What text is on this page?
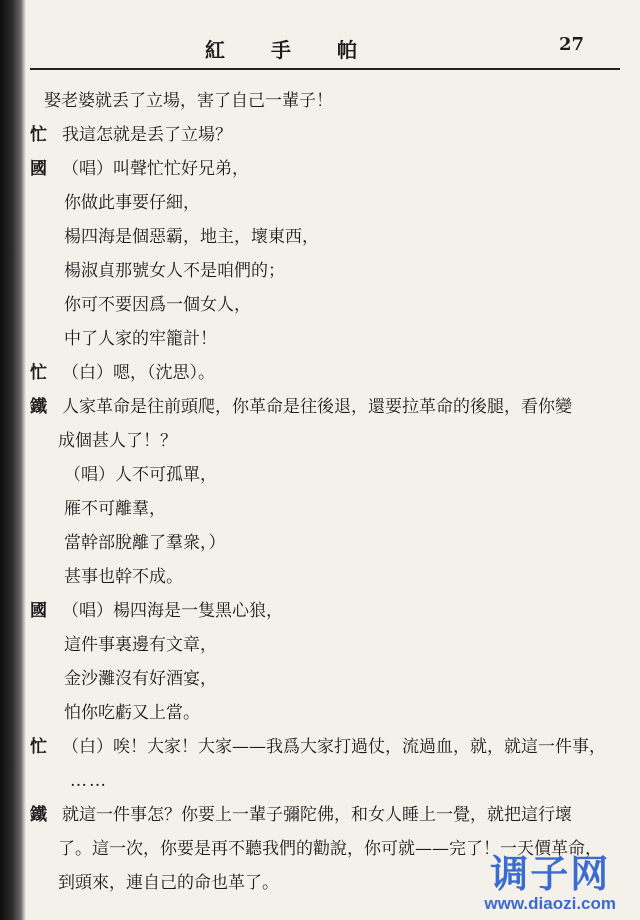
紅手帕	27
娶老婆就丢了立場，害了自己一輩子！
忙 我這怎就是丢了立場？
國 （唱）叫聲忙忙好兄弟，
你做此事要仔細，
楊四海是個惡霸，地主，壞東西，
楊淑貞那號女人不是咱們的；
你可不要因爲一個女人，
中了人家的牢籠計！
忙 （白）嗯，（沈思）。
鐵 人家革命是往前頭爬，你革命是往後退，還要拉革命的後腿，看你變
成個甚人了！？
（唱）人不可孤單，
雁不可離羣，
當幹部脫離了羣衆，）
甚事也幹不成。
國 （唱）楊四海是一隻黑心狼，
這件事裏邊有文章，
金沙灘沒有好酒宴，
怕你吃虧又上當。
忙 （白）唉！大家！大家——我爲大家打過仗，流過血，就，就這一件事，
……
鐵 就這一件事怎？你要上一輩子彌陀佛，和女人睡上一覺，就把這行壞
了。這一次，你要是再不聽我們的勸說，你可就——完了！一天價革命，
到頭來，連自己的命也革了。	调子网
www.diaozi.com
